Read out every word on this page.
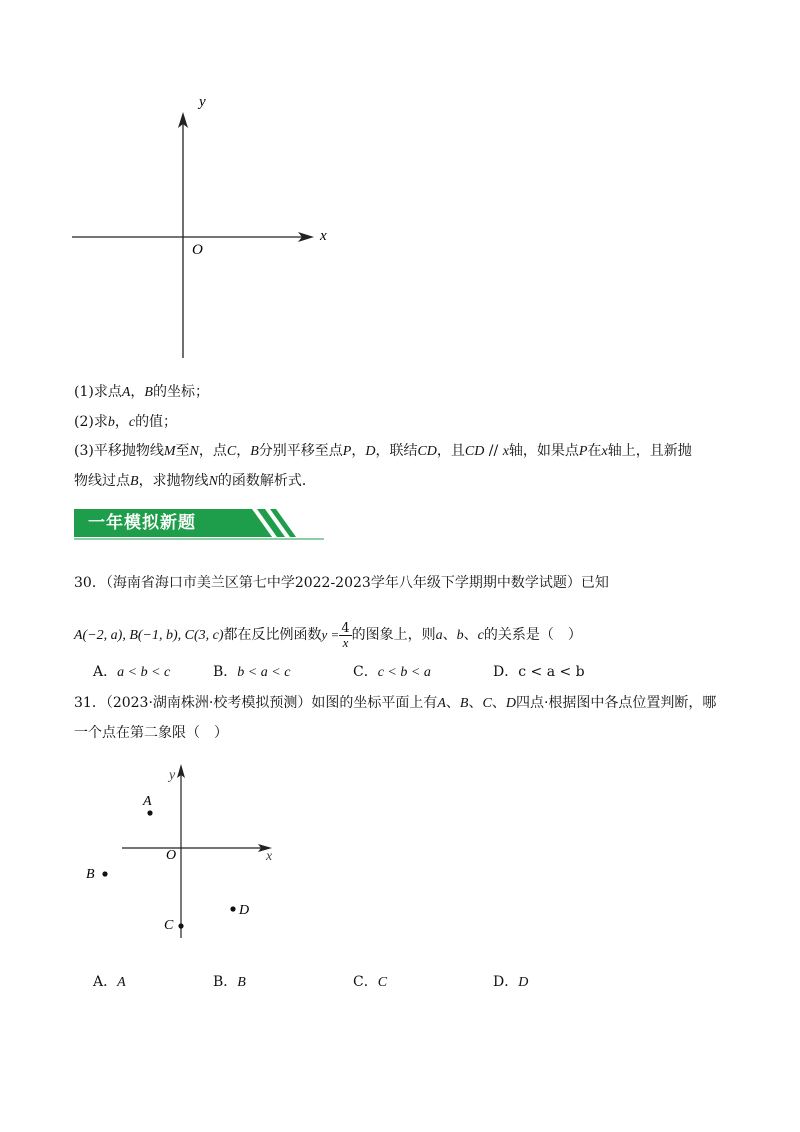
x
y
O
(1)求点A，B的坐标；
(2)求b，c的值；
(3)平移抛物线M至N，点C，B分别平移至点P，D，联结CD，且CD // x轴，如果点P在x轴上，且新抛
物线过点B，求抛物线N的函数解析式．
一年模拟新题
30．（海南省海口市美兰区第七中学2022-2023学年八年级下学期期中数学试题）已知
A(−2, a), B(−1, b), C(3, c)都在反比例函数$y = \frac{4}{x}$ 的图象上，则a、b、c的关系是（　）
A．a < b < c	B．b < a < c	C．c < b < a	D．c < a < b
31．（2023·湖南株洲·校考模拟预测）如图的坐标平面上有A、B、C、D四点·根据图中各点位置判断，哪
一个点在第二象限（　）
x
y
O
A
B
C
D
A．A	B．B	C．C	D．D
